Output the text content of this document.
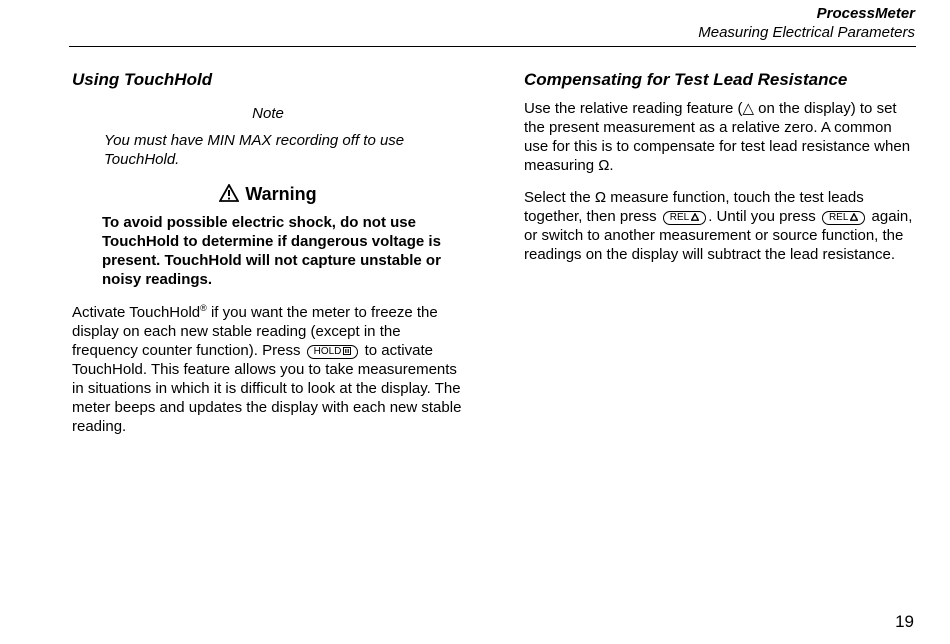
ProcessMeter
Measuring Electrical Parameters
Using TouchHold
Note
You must have MIN MAX recording off to use TouchHold.
Warning
To avoid possible electric shock, do not use TouchHold to determine if dangerous voltage is present. TouchHold will not capture unstable or noisy readings.

Activate TouchHold® if you want the meter to freeze the display on each new stable reading (except in the frequency counter function). Press HOLD to activate TouchHold. This feature allows you to take measurements in situations in which it is difficult to look at the display. The meter beeps and updates the display with each new stable reading.

Compensating for Test Lead Resistance

Use the relative reading feature (△ on the display) to set the present measurement as a relative zero. A common use for this is to compensate for test lead resistance when measuring Ω.

Select the Ω measure function, touch the test leads together, then press REL . Until you press REL again, or switch to another measurement or source function, the readings on the display will subtract the lead resistance.

19
